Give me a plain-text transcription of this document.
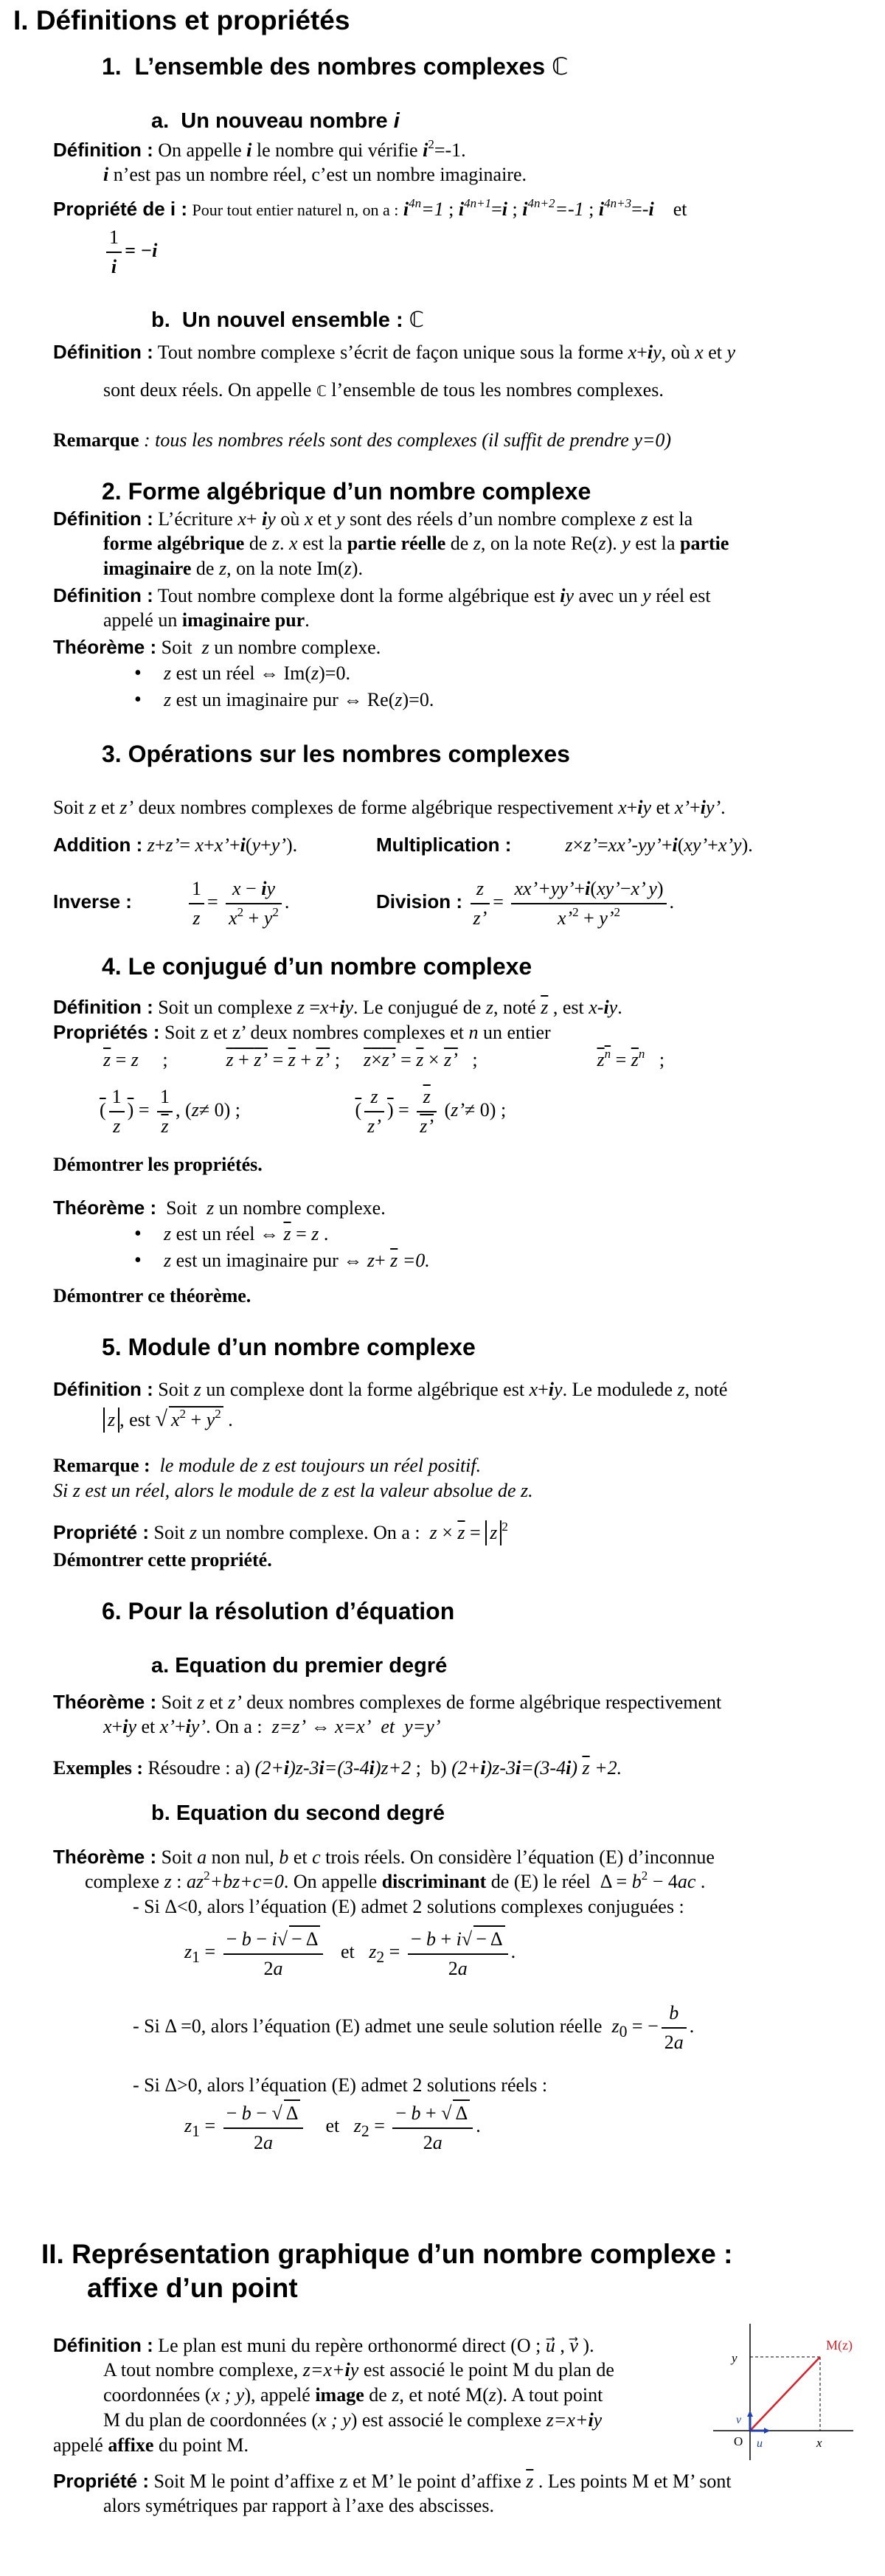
I. Définitions et propriétés
1.  L’ensemble des nombres complexes ℂ
a.  Un nouveau nombre i
Définition : On appelle i le nombre qui vérifie $i^2=-1$.
i n’est pas un nombre réel, c’est un nombre imaginaire.
Propriété de i : Pour tout entier naturel n, on a : $i^{4n}=1$ ; $i^{4n+1}=i$ ; $i^{4n+2}=-1$ ; $i^{4n+3}=-i$    et
$\frac{1}{i} = -i$
b.  Un nouvel ensemble : ℂ
Définition : Tout nombre complexe s’écrit de façon unique sous la forme x+iy, où x et y
sont deux réels. On appelle ℂ l’ensemble de tous les nombres complexes.
Remarque : tous les nombres réels sont des complexes (il suffit de prendre y=0)
2. Forme algébrique d’un nombre complexe
Définition : L’écriture x+ iy où x et y sont des réels d’un nombre complexe z est la
forme algébrique de z. x est la partie réelle de z, on la note Re(z). y est la partie
imaginaire de z, on la note Im(z).
Définition : Tout nombre complexe dont la forme algébrique est iy avec un y réel est
appelé un imaginaire pur.
Théorème : Soit  z un nombre complexe.
• z est un réel ⇔ Im(z)=0.
• z est un imaginaire pur ⇔ Re(z)=0.
3. Opérations sur les nombres complexes
Soit z et z’ deux nombres complexes de forme algébrique respectivement x+iy et x’+iy’.
Addition : z+z’= x+x’+i(y+y’).	Multiplication :	z×z’=xx’-yy’+i(xy’+x’y).
Inverse :	$\frac{1}{z} = \frac{x - iy}{x^2 + y^2}$ .	Division : $\frac{z}{z’} = \frac{xx’+yy’+i(xy’-x’ y)}{x’^2 + y’^2}$ .
4. Le conjugué d’un nombre complexe
Définition : Soit un complexe z =x+iy. Le conjugué de z, noté $\overline{z}$ , est x-iy.
Propriétés : Soit z et z’ deux nombres complexes et n un entier
z = z     ;	z + z’ = $\overline{z} + z$’ ; z×z’ = $\overline{z} \times z$’   ;	$z^n = \overline{z}^n$   ;
( $\frac{1}{z}$ ) = $\frac{1}{z}$ , (z≠ 0) ;	( $\frac{z}{z’}$ ) = $\frac{\overline{z}}{z’}$ (z’≠ 0) ;
Démontrer les propriétés.
Théorème :  Soit  z un nombre complexe.
• z est un réel ⇔ $\overline{z} = z$ .
• z est un imaginaire pur ⇔ $z+ \overline{z} =0$.
Démontrer ce théorème.
5. Module d’un nombre complexe
Définition : Soit z un complexe dont la forme algébrique est x+iy. Le modulede z, noté
z , est √ $x^2 + y^2$ .
Remarque :  le module de z est toujours un réel positif.
Si z est un réel, alors le module de z est la valeur absolue de z.
Propriété : Soit z un nombre complexe. On a :  $z \times \overline{z} = z$ $^2$
Démontrer cette propriété.
6. Pour la résolution d’équation
a. Equation du premier degré
Théorème : Soit z et z’ deux nombres complexes de forme algébrique respectivement
x+iy et x’+iy’. On a :  z=z’ ⇔ x=x’  et  y=y’
Exemples : Résoudre : a) (2+i)z-3i=(3-4i)z+2 ;  b) (2+i)z-3i=(3-4i) $\overline{z} +2$.
b. Equation du second degré
Théorème : Soit a non nul, b et c trois réels. On considère l’équation (E) d’inconnue
complexe z : $az^2+bz+c=0$. On appelle discriminant de (E) le réel  $\Delta = b^2 - 4ac$ .
- Si Δ<0, alors l’équation (E) admet 2 solutions complexes conjuguées :
$z_1 = \frac{- b - i√ - \Delta}{2a}$ et   $z_2 = \frac{- b + i√ - \Delta}{2a}$ .
- Si Δ =0, alors l’équation (E) admet une seule solution réelle $z_0$ = − $\frac{b}{2a}$ .
- Si Δ>0, alors l’équation (E) admet 2 solutions réels :
$z_1 = \frac{- b - √ \Delta}{2a}$ et   $z_2 = \frac{- b + √ \Delta}{2a}$ .
II. Représentation graphique d’un nombre complexe :
affixe d’un point
Définition : Le plan est muni du repère orthonormé direct (O ; u⃗ , v⃗ ).
A tout nombre complexe, z=x+iy est associé le point M du plan de
coordonnées (x ; y), appelé image de z, et noté M(z). A tout point
M du plan de coordonnées (x ; y) est associé le complexe z=x+iy
appelé affixe du point M.
M(z)
y
x
O u
v
Propriété : Soit M le point d’affixe z et M’ le point d’affixe $\overline{z}$ . Les points M et M’ sont
alors symétriques par rapport à l’axe des abscisses.
